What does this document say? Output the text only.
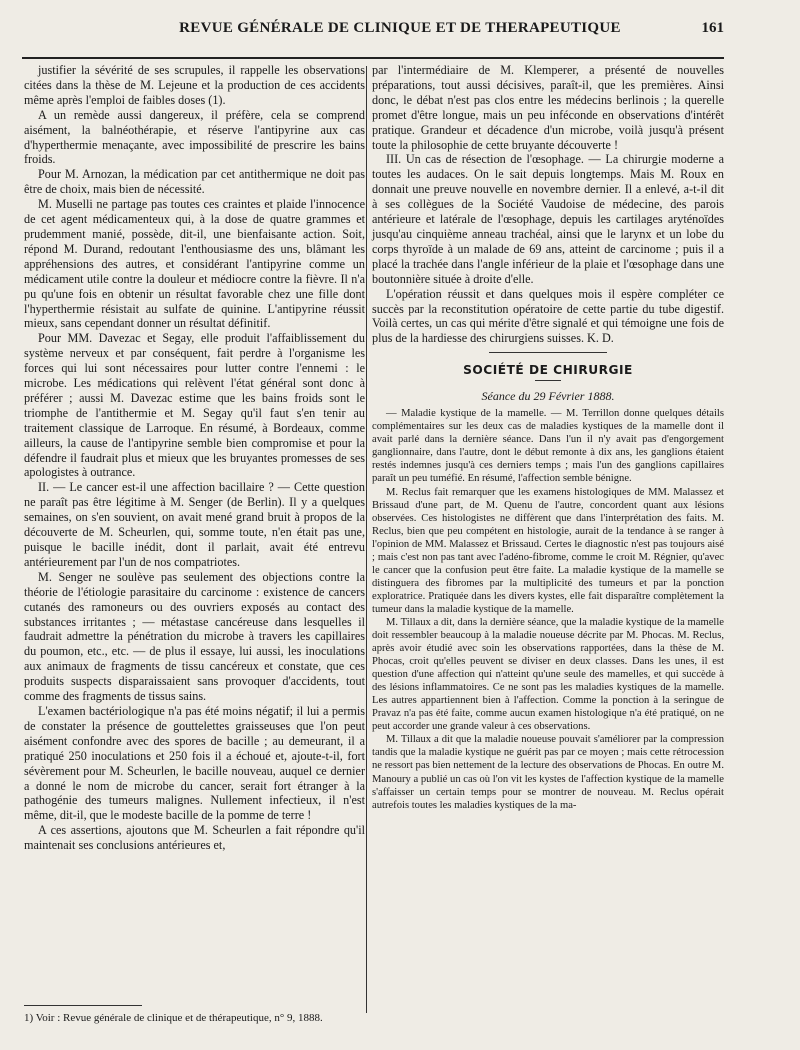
REVUE GÉNÉRALE DE CLINIQUE ET DE THERAPEUTIQUE	161

justifier la sévérité de ses scrupules, il rappelle les observations citées dans la thèse de M. Lejeune et la production de ces accidents même après l'emploi de faibles doses (1).

A un remède aussi dangereux, il préfère, cela se comprend aisément, la balnéothérapie, et réserve l'antipyrine aux cas d'hyperthermie menaçante, avec impossibilité de prescrire les bains froids.

Pour M. Arnozan, la médication par cet antithermique ne doit pas être de choix, mais bien de nécessité.

M. Muselli ne partage pas toutes ces craintes et plaide l'innocence de cet agent médicamenteux qui, à la dose de quatre grammes et prudemment manié, possède, dit-il, une bienfaisante action. Soit, répond M. Durand, redoutant l'enthousiasme des uns, blâmant les appréhensions des autres, et considérant l'antipyrine comme un médicament utile contre la douleur et médiocre contre la fièvre. Il n'a pu qu'une fois en obtenir un résultat favorable chez une fille dont l'hyperthermie résistait au sulfate de quinine. L'antipyrine réussit mieux, sans cependant donner un résultat définitif.

Pour MM. Davezac et Segay, elle produit l'affaiblissement du système nerveux et par conséquent, fait perdre à l'organisme les forces qui lui sont nécessaires pour lutter contre l'ennemi : le microbe. Les médications qui relèvent l'état général sont donc à préférer ; aussi M. Davezac estime que les bains froids sont le triomphe de l'antithermie et M. Segay qu'il faut s'en tenir au traitement classique de Larroque. En résumé, à Bordeaux, comme ailleurs, la cause de l'antipyrine semble bien compromise et pour la défendre il faudrait plus et mieux que les bruyantes promesses de ses apologistes à outrance.

II. — Le cancer est-il une affection bacillaire ? — Cette question ne paraît pas être légitime à M. Senger (de Berlin). Il y a quelques semaines, on s'en souvient, on avait mené grand bruit à propos de la découverte de M. Scheurlen, qui, somme toute, n'en était pas une, puisque le bacille inédit, dont il parlait, avait été entrevu antérieurement par l'un de nos compatriotes.

M. Senger ne soulève pas seulement des objections contre la théorie de l'étiologie parasitaire du carcinome : existence de cancers cutanés des ramoneurs ou des ouvriers exposés au contact des substances irritantes ; — métastase cancéreuse dans lesquelles il faudrait admettre la pénétration du microbe à travers les capillaires du poumon, etc., etc. — de plus il essaye, lui aussi, les inoculations aux animaux de fragments de tissu cancéreux et constate, que ces produits suspects disparaissaient sans provoquer d'accidents, tout comme des fragments de tissus sains.

L'examen bactériologique n'a pas été moins négatif; il lui a permis de constater la présence de gouttelettes graisseuses que l'on peut aisément confondre avec des spores de bacille ; au demeurant, il a pratiqué 250 inoculations et 250 fois il a échoué et, ajoute-t-il, fort sévèrement pour M. Scheurlen, le bacille nouveau, auquel ce dernier a donné le nom de microbe du cancer, serait fort étranger à la pathogénie des tumeurs malignes. Nullement infectieux, il n'est même, dit-il, que le modeste bacille de la pomme de terre !

A ces assertions, ajoutons que M. Scheurlen a fait répondre qu'il maintenait ses conclusions antérieures et,

par l'intermédiaire de M. Klemperer, a présenté de nouvelles préparations, tout aussi décisives, paraît-il, que les premières. Ainsi donc, le débat n'est pas clos entre les médecins berlinois ; la querelle promet d'être longue, mais un peu inféconde en observations d'intérêt pratique. Grandeur et décadence d'un microbe, voilà jusqu'à présent toute la philosophie de cette bruyante découverte !

III. Un cas de résection de l'œsophage. — La chirurgie moderne a toutes les audaces. On le sait depuis longtemps. Mais M. Roux en donnait une preuve nouvelle en novembre dernier. Il a enlevé, a-t-il dit à ses collègues de la Société Vaudoise de médecine, des parois antérieure et latérale de l'œsophage, depuis les cartilages aryténoïdes jusqu'au cinquième anneau trachéal, ainsi que le larynx et un lobe du corps thyroïde à un malade de 69 ans, atteint de carcinome ; puis il a placé la trachée dans l'angle inférieur de la plaie et l'œsophage dans une boutonnière située à droite d'elle.

L'opération réussit et dans quelques mois il espère compléter ce succès par la reconstitution opératoire de cette partie du tube digestif. Voilà certes, un cas qui mérite d'être signalé et qui témoigne une fois de plus de la hardiesse des chirurgiens suisses. K. D.

SOCIÉTÉ DE CHIRURGIE
Séance du 29 Février 1888.

— Maladie kystique de la mamelle. — M. Terrillon donne quelques détails complémentaires sur les deux cas de maladies kystiques de la mamelle dont il avait parlé dans la dernière séance. Dans l'un il n'y avait pas d'engorgement ganglionnaire, dans l'autre, dont le début remonte à dix ans, les ganglions étaient restés indemnes jusqu'à ces derniers temps ; mais l'un des ganglions capillaires paraît un peu tuméfié. En résumé, l'affection semble bénigne.

M. Reclus fait remarquer que les examens histologiques de MM. Malassez et Brissaud d'une part, de M. Quenu de l'autre, concordent quant aux lésions observées. Ces histologistes ne diffèrent que dans l'interprétation des faits. M. Reclus, bien que peu compétent en histologie, aurait de la tendance à se ranger à l'opinion de MM. Malassez et Brissaud. Certes le diagnostic n'est pas toujours aisé ; mais c'est non pas tant avec l'adéno-fibrome, comme le croit M. Régnier, qu'avec le cancer que la confusion peut être faite. La maladie kystique de la mamelle se distinguera des fibromes par la multiplicité des tumeurs et par la ponction exploratrice. Pratiquée dans les divers kystes, elle fait disparaître complètement la tumeur dans la maladie kystique de la mamelle.

M. Tillaux a dit, dans la dernière séance, que la maladie kystique de la mamelle doit ressembler beaucoup à la maladie noueuse décrite par M. Phocas. M. Reclus, après avoir étudié avec soin les observations rapportées, dans la thèse de M. Phocas, croit qu'elles peuvent se diviser en deux classes. Dans les unes, il est question d'une affection qui n'atteint qu'une seule des mamelles, et qui succède à des lésions inflammatoires. Ce ne sont pas les maladies kystiques de la mamelle. Les autres appartiennent bien à l'affection. Comme la ponction à la seringue de Pravaz n'a pas été faite, comme aucun examen histologique n'a été pratiqué, on ne peut accorder une grande valeur à ces observations.

M. Tillaux a dit que la maladie noueuse pouvait s'améliorer par la compression tandis que la maladie kystique ne guérit pas par ce moyen ; mais cette rétrocession ne ressort pas bien nettement de la lecture des observations de Phocas. En outre M. Manoury a publié un cas où l'on vit les kystes de l'affection kystique de la mamelle s'affaisser un certain temps pour se montrer de nouveau. M. Reclus opérait autrefois toutes les maladies kystiques de la ma-

1) Voir : Revue générale de clinique et de thérapeutique, n° 9, 1888.
